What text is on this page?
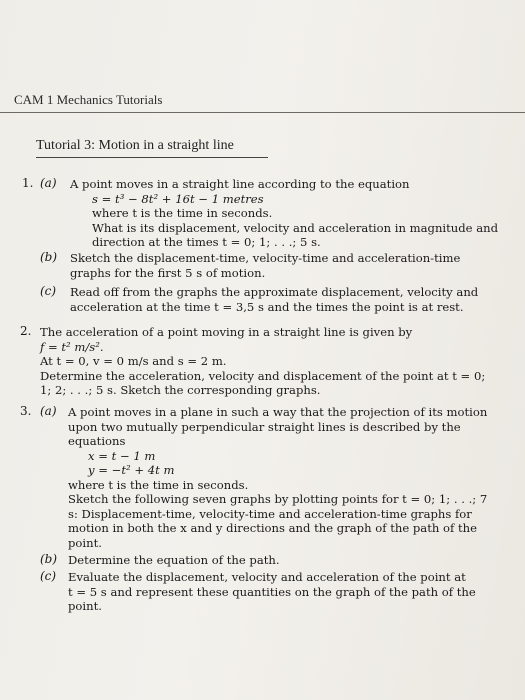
CAM 1 Mechanics Tutorials
Tutorial 3: Motion in a straight line
1. (a) A point moves in a straight line according to the equation
s = t³ − 8t² + 16t − 1 metres
where t is the time in seconds.
What is its displacement, velocity and acceleration in magnitude and
direction at the times t = 0; 1; . . .; 5 s.
(b) Sketch the displacement-time, velocity-time and acceleration-time
graphs for the first 5 s of motion.
(c) Read off from the graphs the approximate displacement, velocity and
acceleration at the time t = 3,5 s and the times the point is at rest.
2. The acceleration of a point moving in a straight line is given by
f = t² m/s².
At t = 0, v = 0 m/s and s = 2 m.
Determine the acceleration, velocity and displacement of the point at t = 0;
1; 2; . . .; 5 s. Sketch the corresponding graphs.
3. (a) A point moves in a plane in such a way that the projection of its motion
upon two mutually perpendicular straight lines is described by the
equations
x = t − 1 m
y = −t² + 4t m
where t is the time in seconds.
Sketch the following seven graphs by plotting points for t = 0; 1; . . .; 7
s: Displacement-time, velocity-time and acceleration-time graphs for
motion in both the x and y directions and the graph of the path of the
point.
(b) Determine the equation of the path.
(c) Evaluate the displacement, velocity and acceleration of the point at
t = 5 s and represent these quantities on the graph of the path of the
point.
